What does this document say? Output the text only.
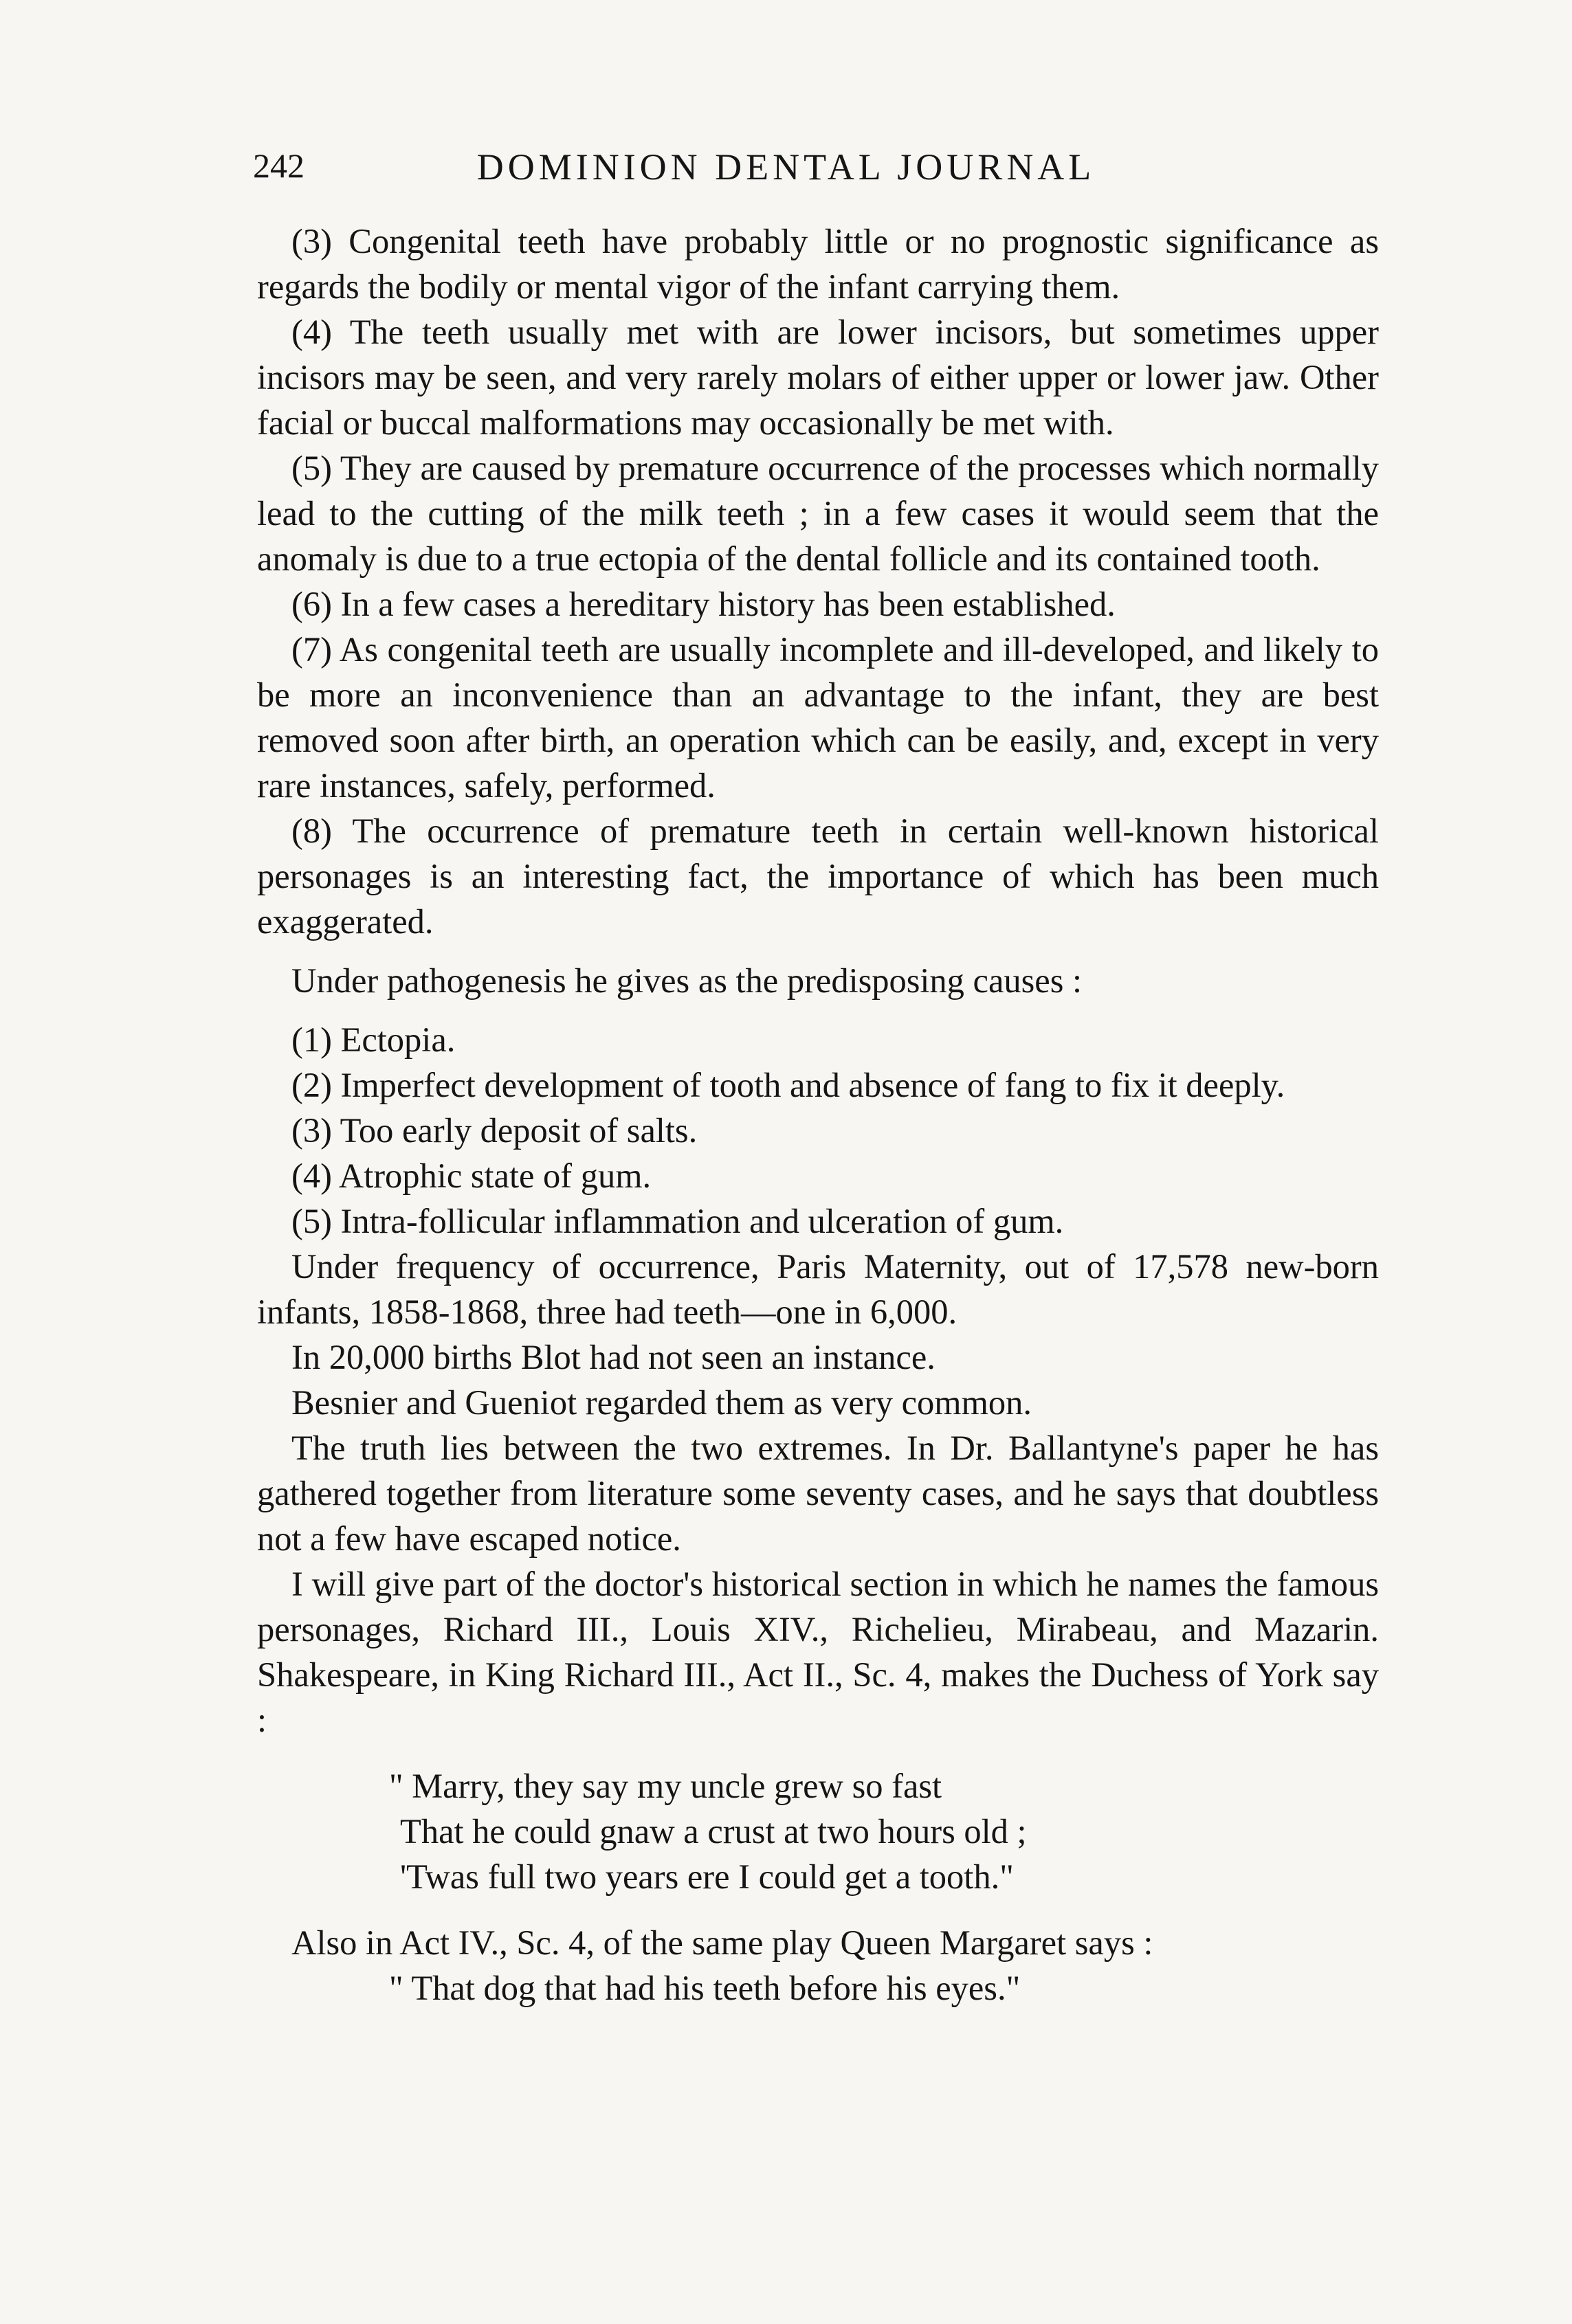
242	DOMINION DENTAL JOURNAL

(3) Congenital teeth have probably little or no prognostic significance as regards the bodily or mental vigor of the infant carrying them.

(4) The teeth usually met with are lower incisors, but sometimes upper incisors may be seen, and very rarely molars of either upper or lower jaw. Other facial or buccal malformations may occasionally be met with.

(5) They are caused by premature occurrence of the processes which normally lead to the cutting of the milk teeth ; in a few cases it would seem that the anomaly is due to a true ectopia of the dental follicle and its contained tooth.

(6) In a few cases a hereditary history has been established.

(7) As congenital teeth are usually incomplete and ill-developed, and likely to be more an inconvenience than an advantage to the infant, they are best removed soon after birth, an operation which can be easily, and, except in very rare instances, safely, performed.

(8) The occurrence of premature teeth in certain well-known historical personages is an interesting fact, the importance of which has been much exaggerated.

Under pathogenesis he gives as the predisposing causes :

(1) Ectopia.

(2) Imperfect development of tooth and absence of fang to fix it deeply.

(3) Too early deposit of salts.

(4) Atrophic state of gum.

(5) Intra-follicular inflammation and ulceration of gum.

Under frequency of occurrence, Paris Maternity, out of 17,578 new-born infants, 1858-1868, three had teeth—one in 6,000.

In 20,000 births Blot had not seen an instance.

Besnier and Gueniot regarded them as very common.

The truth lies between the two extremes. In Dr. Ballantyne's paper he has gathered together from literature some seventy cases, and he says that doubtless not a few have escaped notice.

I will give part of the doctor's historical section in which he names the famous personages, Richard III., Louis XIV., Richelieu, Mirabeau, and Mazarin. Shakespeare, in King Richard III., Act II., Sc. 4, makes the Duchess of York say :

" Marry, they say my uncle grew so fast
That he could gnaw a crust at two hours old ;
'Twas full two years ere I could get a tooth."

Also in Act IV., Sc. 4, of the same play Queen Margaret says :

" That dog that had his teeth before his eyes."
